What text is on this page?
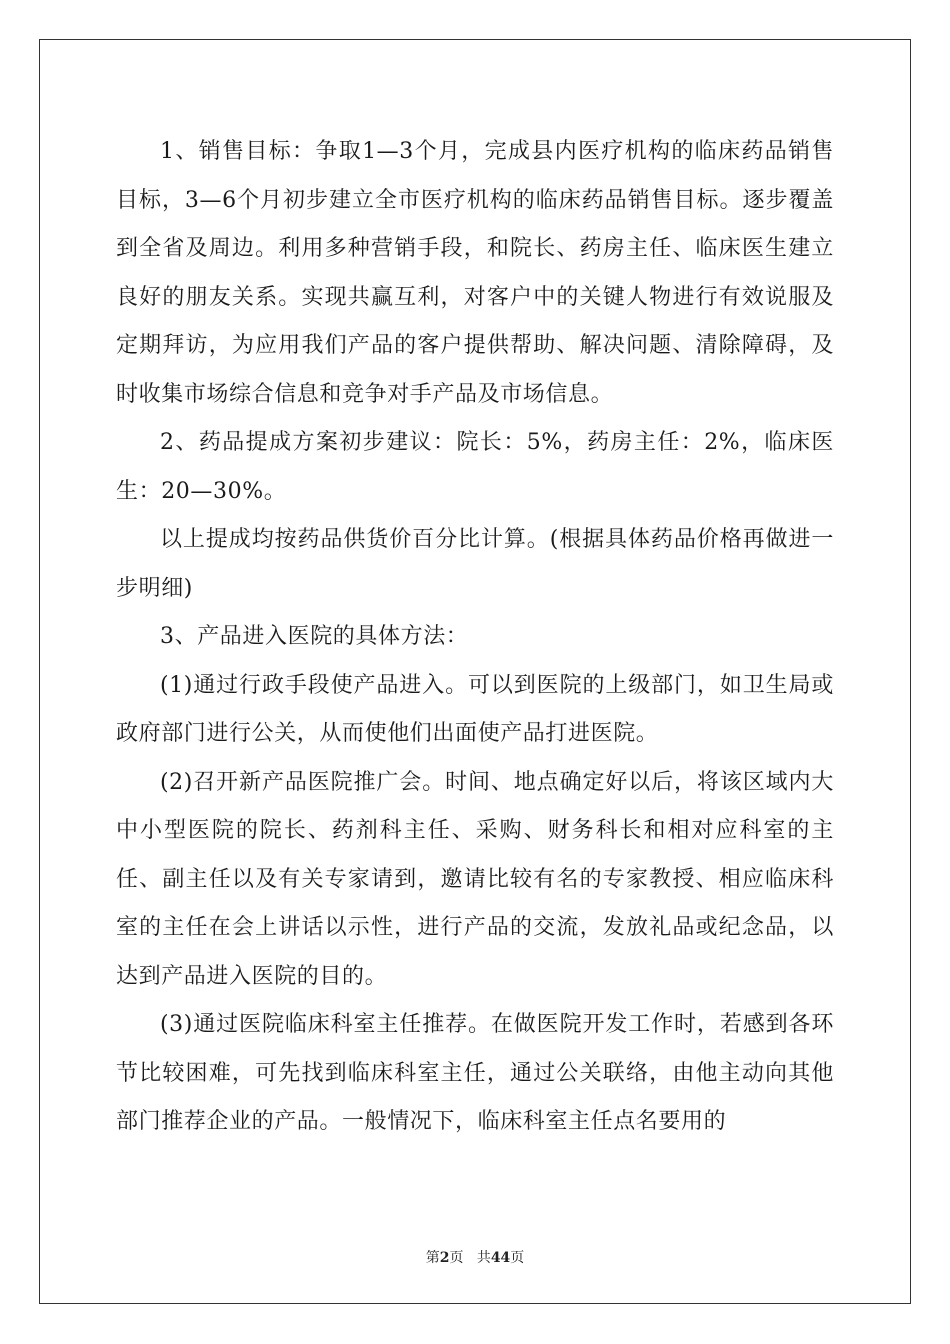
1、销售目标：争取1—3个月，完成县内医疗机构的临床药品销售目标，3—6个月初步建立全市医疗机构的临床药品销售目标。逐步覆盖到全省及周边。利用多种营销手段，和院长、药房主任、临床医生建立良好的朋友关系。实现共赢互利，对客户中的关键人物进行有效说服及定期拜访，为应用我们产品的客户提供帮助、解决问题、清除障碍，及时收集市场综合信息和竞争对手产品及市场信息。

2、药品提成方案初步建议：院长：5%，药房主任：2%，临床医生：20—30%。

以上提成均按药品供货价百分比计算。(根据具体药品价格再做进一步明细)

3、产品进入医院的具体方法：

(1)通过行政手段使产品进入。可以到医院的上级部门，如卫生局或政府部门进行公关，从而使他们出面使产品打进医院。

(2)召开新产品医院推广会。时间、地点确定好以后，将该区域内大中小型医院的院长、药剂科主任、采购、财务科长和相对应科室的主任、副主任以及有关专家请到，邀请比较有名的专家教授、相应临床科室的主任在会上讲话以示性，进行产品的交流，发放礼品或纪念品，以达到产品进入医院的目的。

(3)通过医院临床科室主任推荐。在做医院开发工作时，若感到各环节比较困难，可先找到临床科室主任，通过公关联络，由他主动向其他部门推荐企业的产品。一般情况下，临床科室主任点名要用的

第2页 共44页
